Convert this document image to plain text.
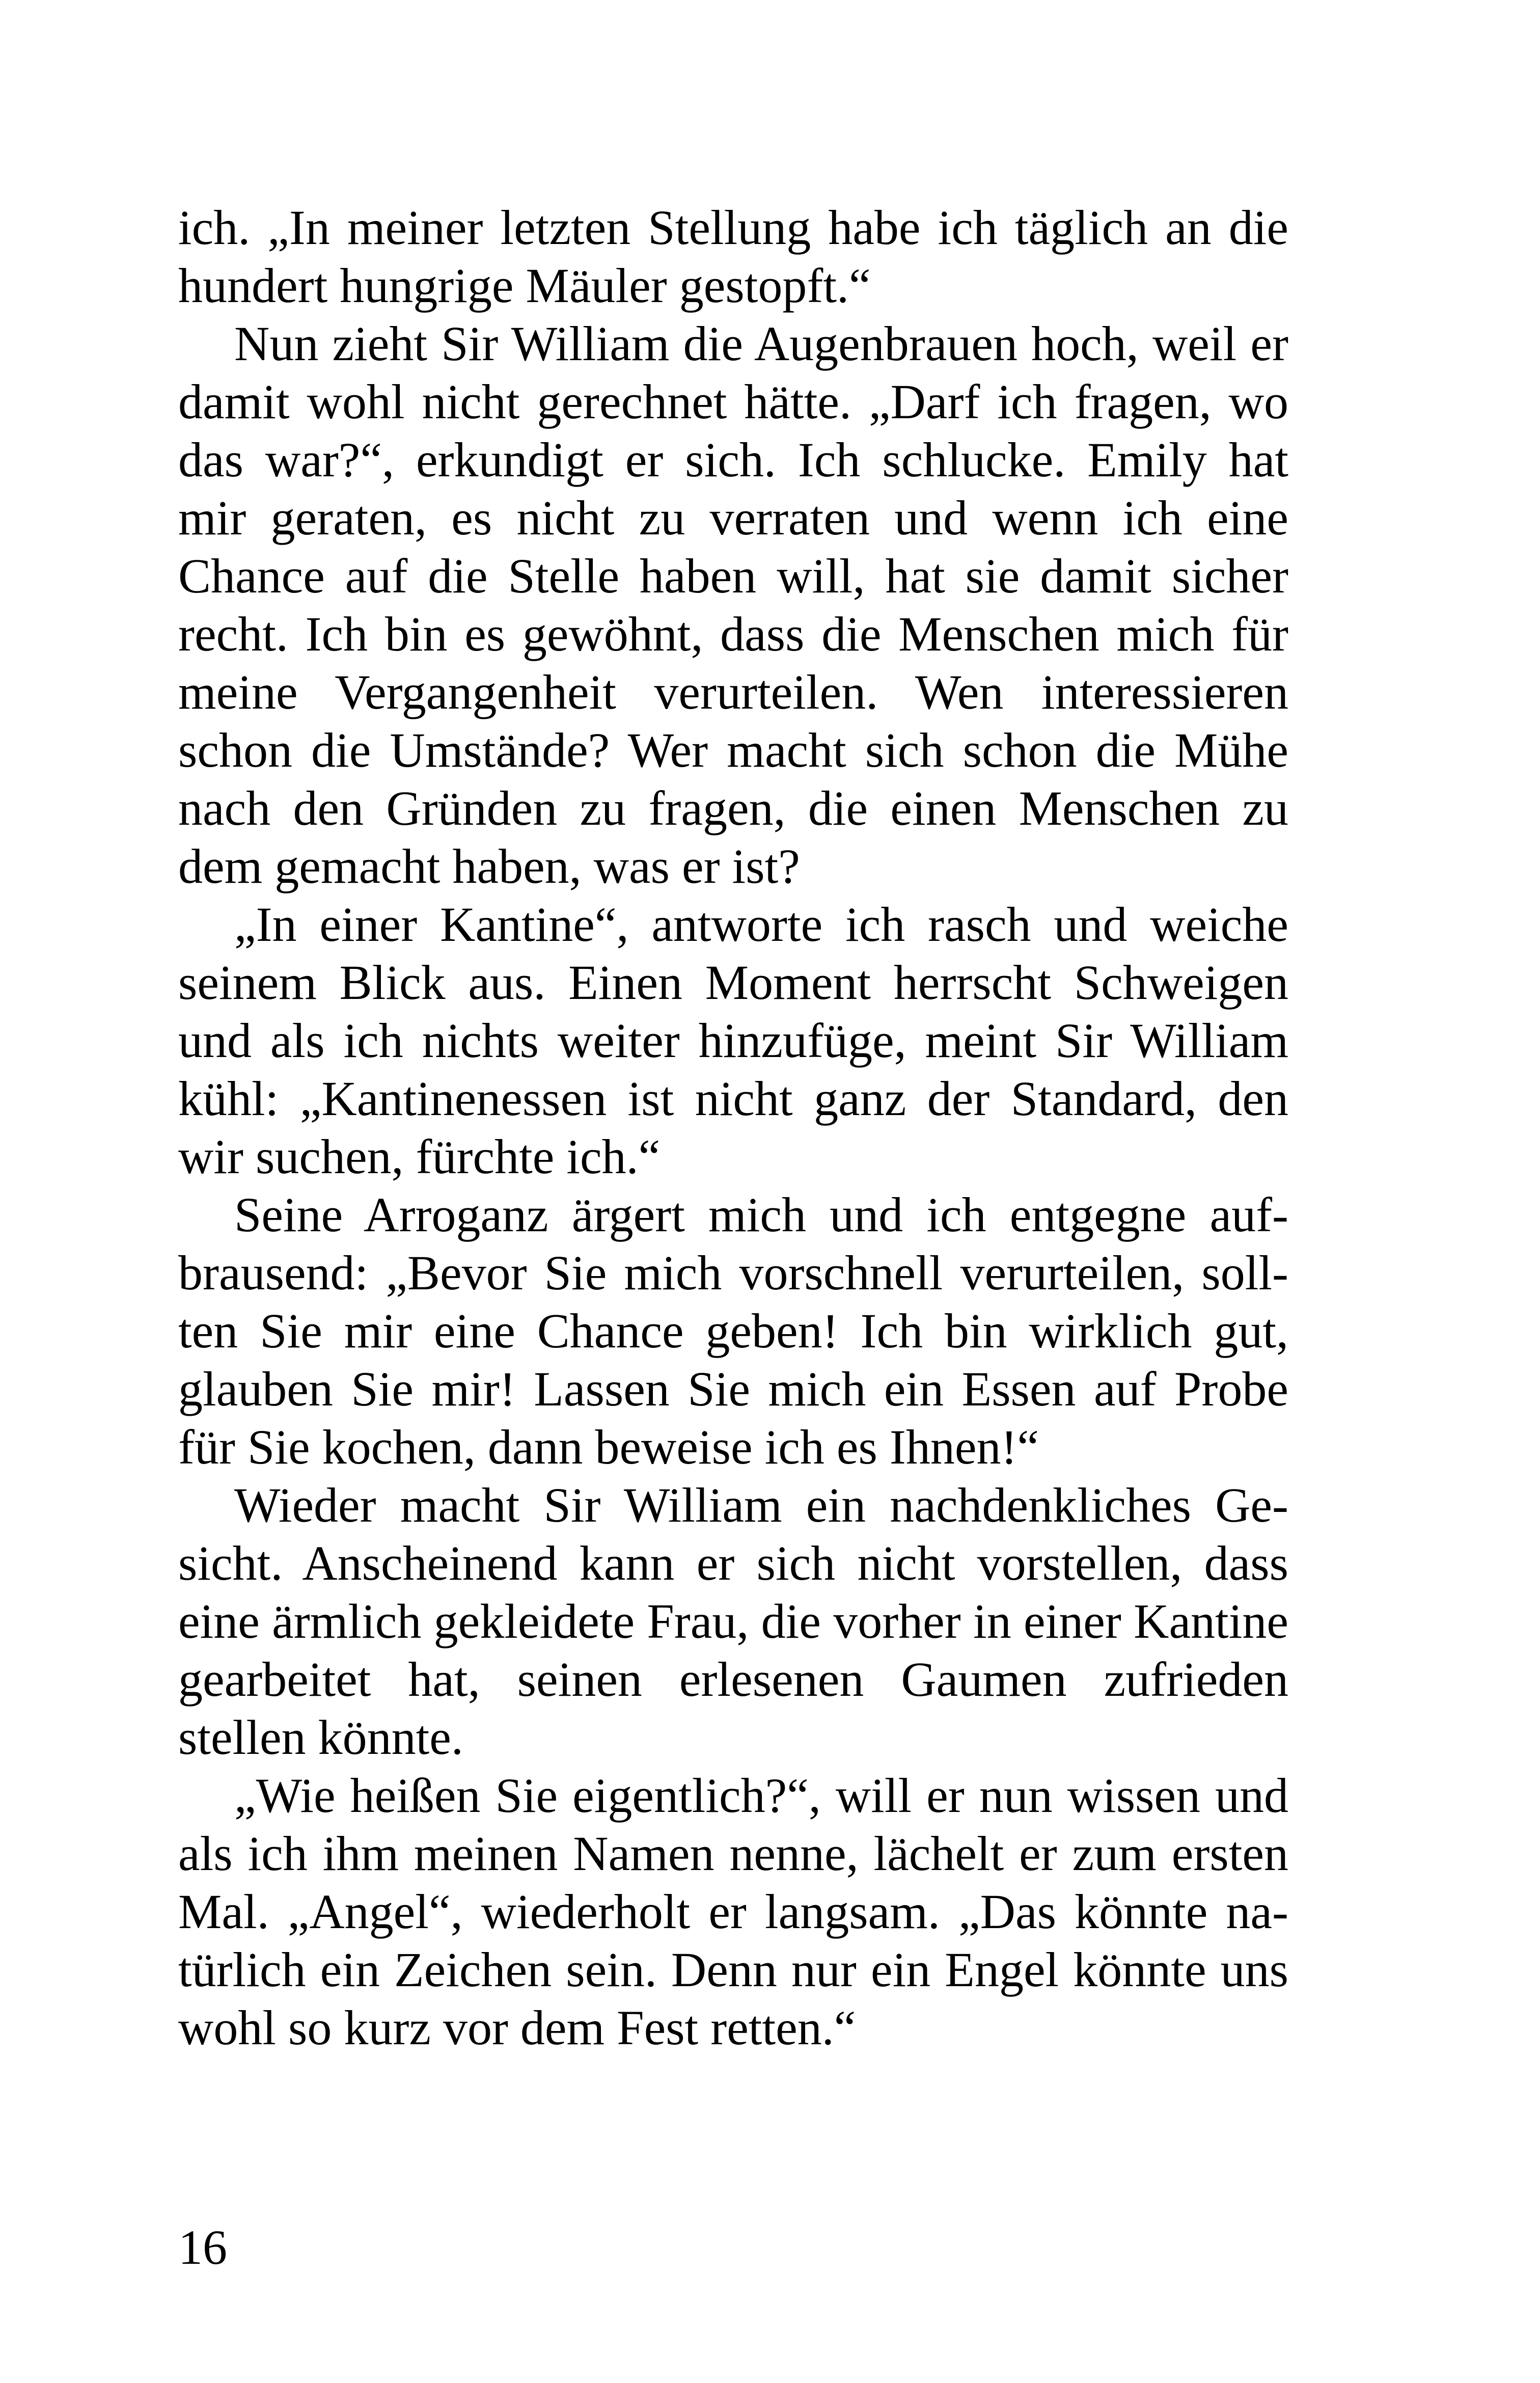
ich. „In meiner letzten Stellung habe ich täglich an die hundert hungrige Mäuler gestopft.“

Nun zieht Sir William die Augenbrauen hoch, weil er damit wohl nicht gerechnet hätte. „Darf ich fragen, wo das war?“, erkundigt er sich. Ich schlucke. Emily hat mir geraten, es nicht zu verraten und wenn ich eine Chance auf die Stelle haben will, hat sie damit sicher recht. Ich bin es gewöhnt, dass die Menschen mich für meine Vergangenheit verurteilen. Wen interessieren schon die Umstände? Wer macht sich schon die Mühe nach den Gründen zu fragen, die einen Menschen zu dem gemacht haben, was er ist?

„In einer Kantine“, antworte ich rasch und weiche seinem Blick aus. Einen Moment herrscht Schweigen und als ich nichts weiter hinzufüge, meint Sir William kühl: „Kantinenessen ist nicht ganz der Standard, den wir suchen, fürchte ich.“

Seine Arroganz ärgert mich und ich entgegne aufbrausend: „Bevor Sie mich vorschnell verurteilen, sollten Sie mir eine Chance geben! Ich bin wirklich gut, glauben Sie mir! Lassen Sie mich ein Essen auf Probe für Sie kochen, dann beweise ich es Ihnen!“

Wieder macht Sir William ein nachdenkliches Gesicht. Anscheinend kann er sich nicht vorstellen, dass eine ärmlich gekleidete Frau, die vorher in einer Kantine gearbeitet hat, seinen erlesenen Gaumen zufrieden stellen könnte.

„Wie heißen Sie eigentlich?“, will er nun wissen und als ich ihm meinen Namen nenne, lächelt er zum ersten Mal. „Angel“, wiederholt er langsam. „Das könnte natürlich ein Zeichen sein. Denn nur ein Engel könnte uns wohl so kurz vor dem Fest retten.“

16
